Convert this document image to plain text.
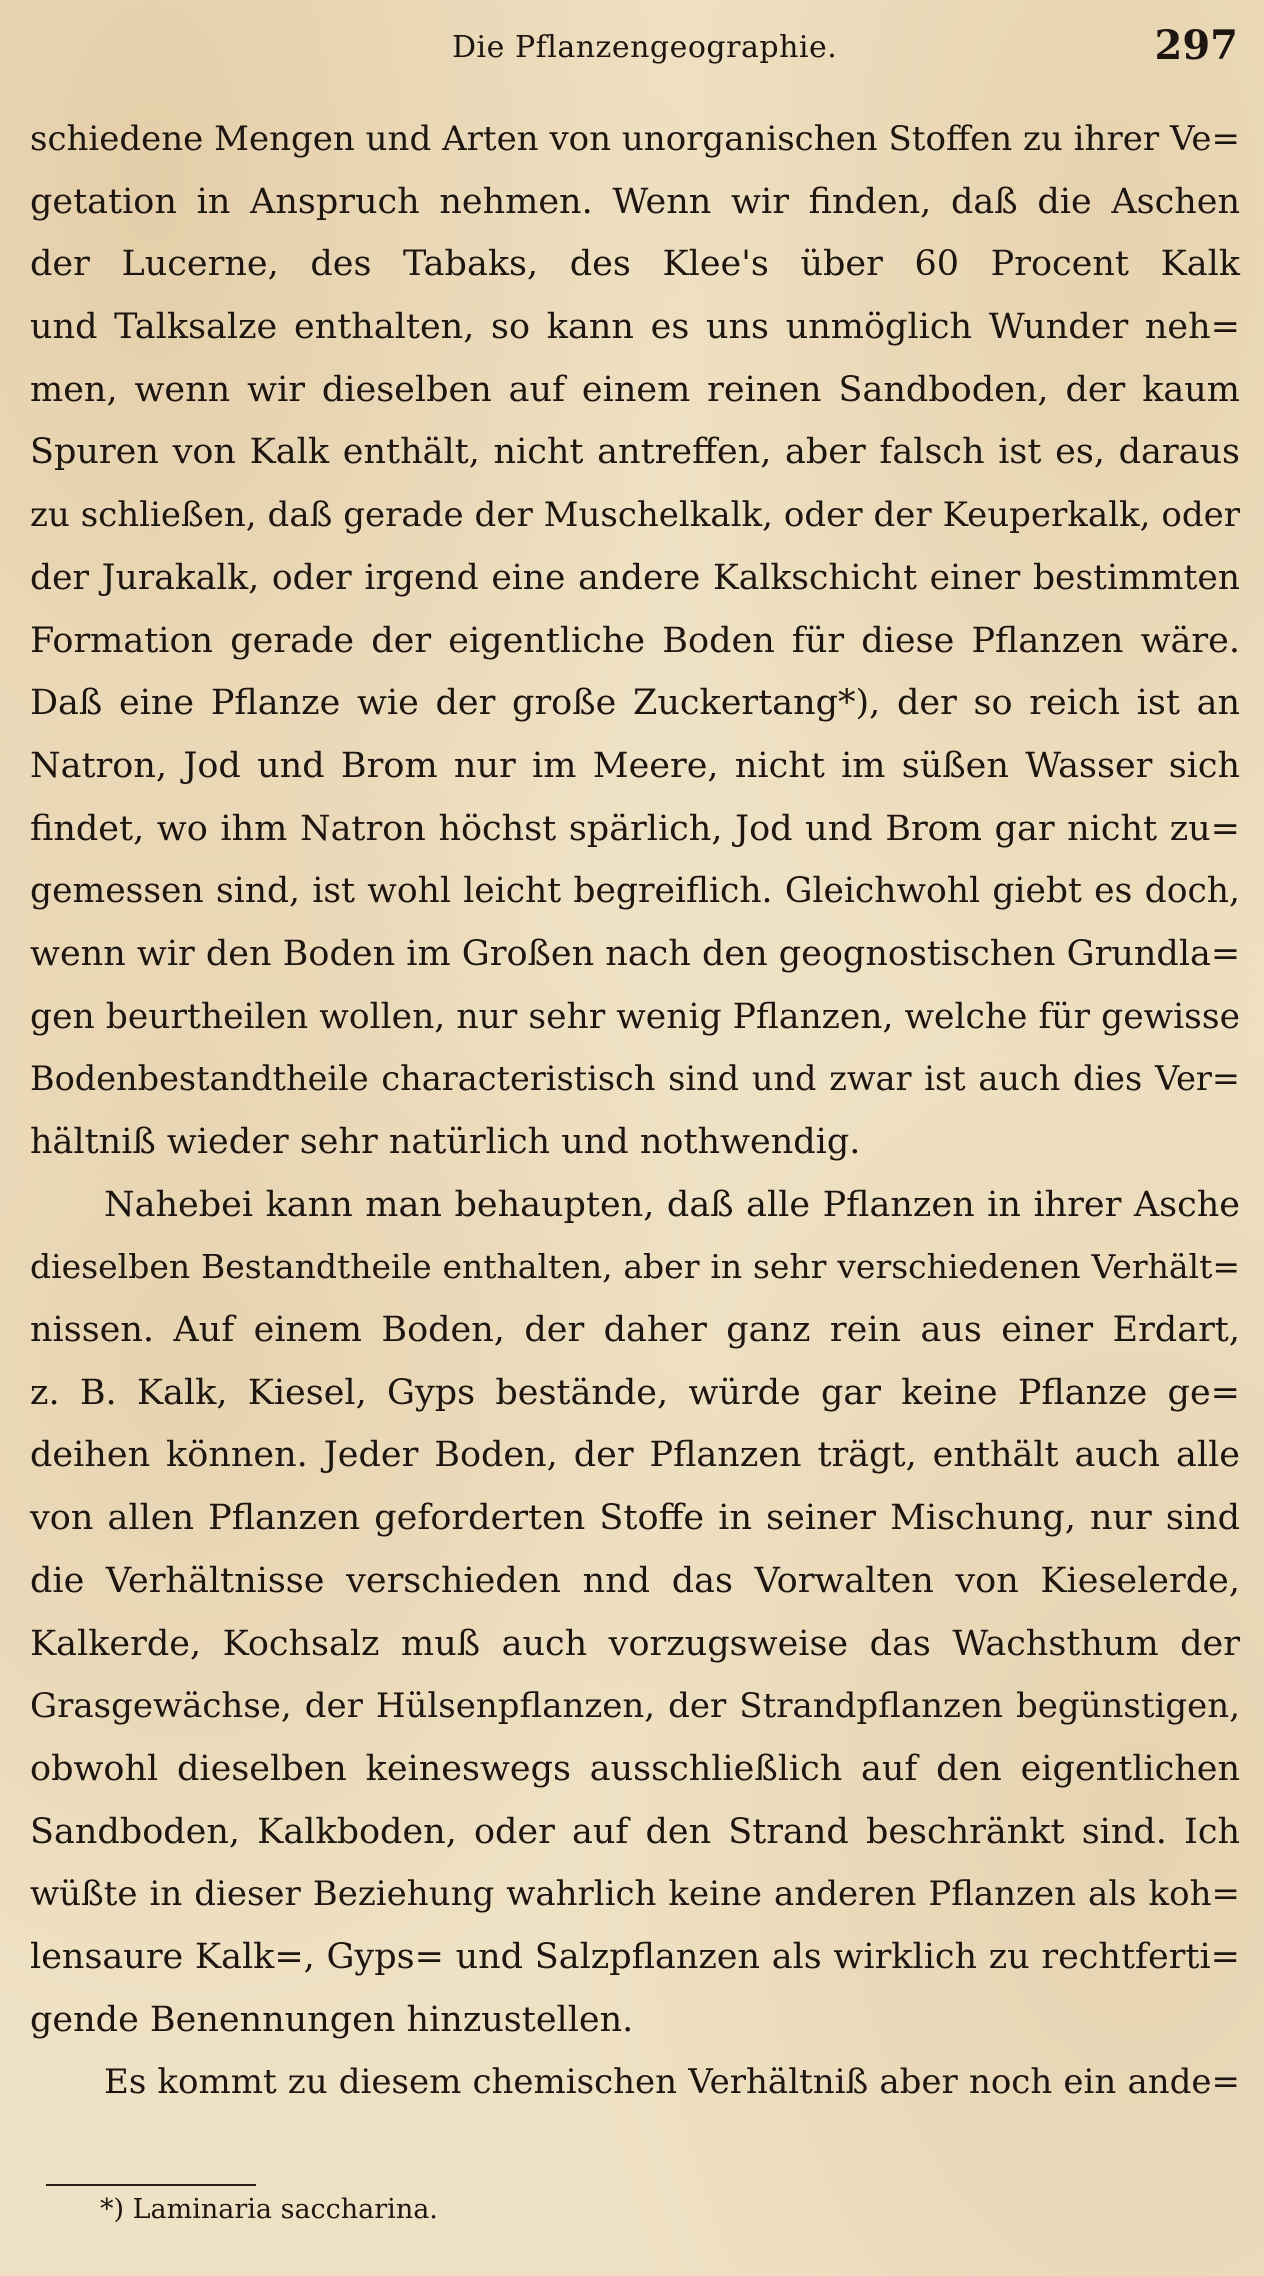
Die Pflanzengeographie.	297
schiedene Mengen und Arten von unorganischen Stoffen zu ihrer Ve=
getation in Anspruch nehmen. Wenn wir finden, daß die Aschen
der Lucerne, des Tabaks, des Klee's über 60 Procent Kalk
und Talksalze enthalten, so kann es uns unmöglich Wunder neh=
men, wenn wir dieselben auf einem reinen Sandboden, der kaum
Spuren von Kalk enthält, nicht antreffen, aber falsch ist es, daraus
zu schließen, daß gerade der Muschelkalk, oder der Keuperkalk, oder
der Jurakalk, oder irgend eine andere Kalkschicht einer bestimmten
Formation gerade der eigentliche Boden für diese Pflanzen wäre.
Daß eine Pflanze wie der große Zuckertang*), der so reich ist an
Natron, Jod und Brom nur im Meere, nicht im süßen Wasser sich
findet, wo ihm Natron höchst spärlich, Jod und Brom gar nicht zu=
gemessen sind, ist wohl leicht begreiflich. Gleichwohl giebt es doch,
wenn wir den Boden im Großen nach den geognostischen Grundla=
gen beurtheilen wollen, nur sehr wenig Pflanzen, welche für gewisse
Bodenbestandtheile characteristisch sind und zwar ist auch dies Ver=
hältniß wieder sehr natürlich und nothwendig.
Nahebei kann man behaupten, daß alle Pflanzen in ihrer Asche
dieselben Bestandtheile enthalten, aber in sehr verschiedenen Verhält=
nissen. Auf einem Boden, der daher ganz rein aus einer Erdart,
z. B. Kalk, Kiesel, Gyps bestände, würde gar keine Pflanze ge=
deihen können. Jeder Boden, der Pflanzen trägt, enthält auch alle
von allen Pflanzen geforderten Stoffe in seiner Mischung, nur sind
die Verhältnisse verschieden nnd das Vorwalten von Kieselerde,
Kalkerde, Kochsalz muß auch vorzugsweise das Wachsthum der
Grasgewächse, der Hülsenpflanzen, der Strandpflanzen begünstigen,
obwohl dieselben keineswegs ausschließlich auf den eigentlichen
Sandboden, Kalkboden, oder auf den Strand beschränkt sind. Ich
wüßte in dieser Beziehung wahrlich keine anderen Pflanzen als koh=
lensaure Kalk=, Gyps= und Salzpflanzen als wirklich zu rechtferti=
gende Benennungen hinzustellen.
Es kommt zu diesem chemischen Verhältniß aber noch ein ande=
*) Laminaria saccharina.
